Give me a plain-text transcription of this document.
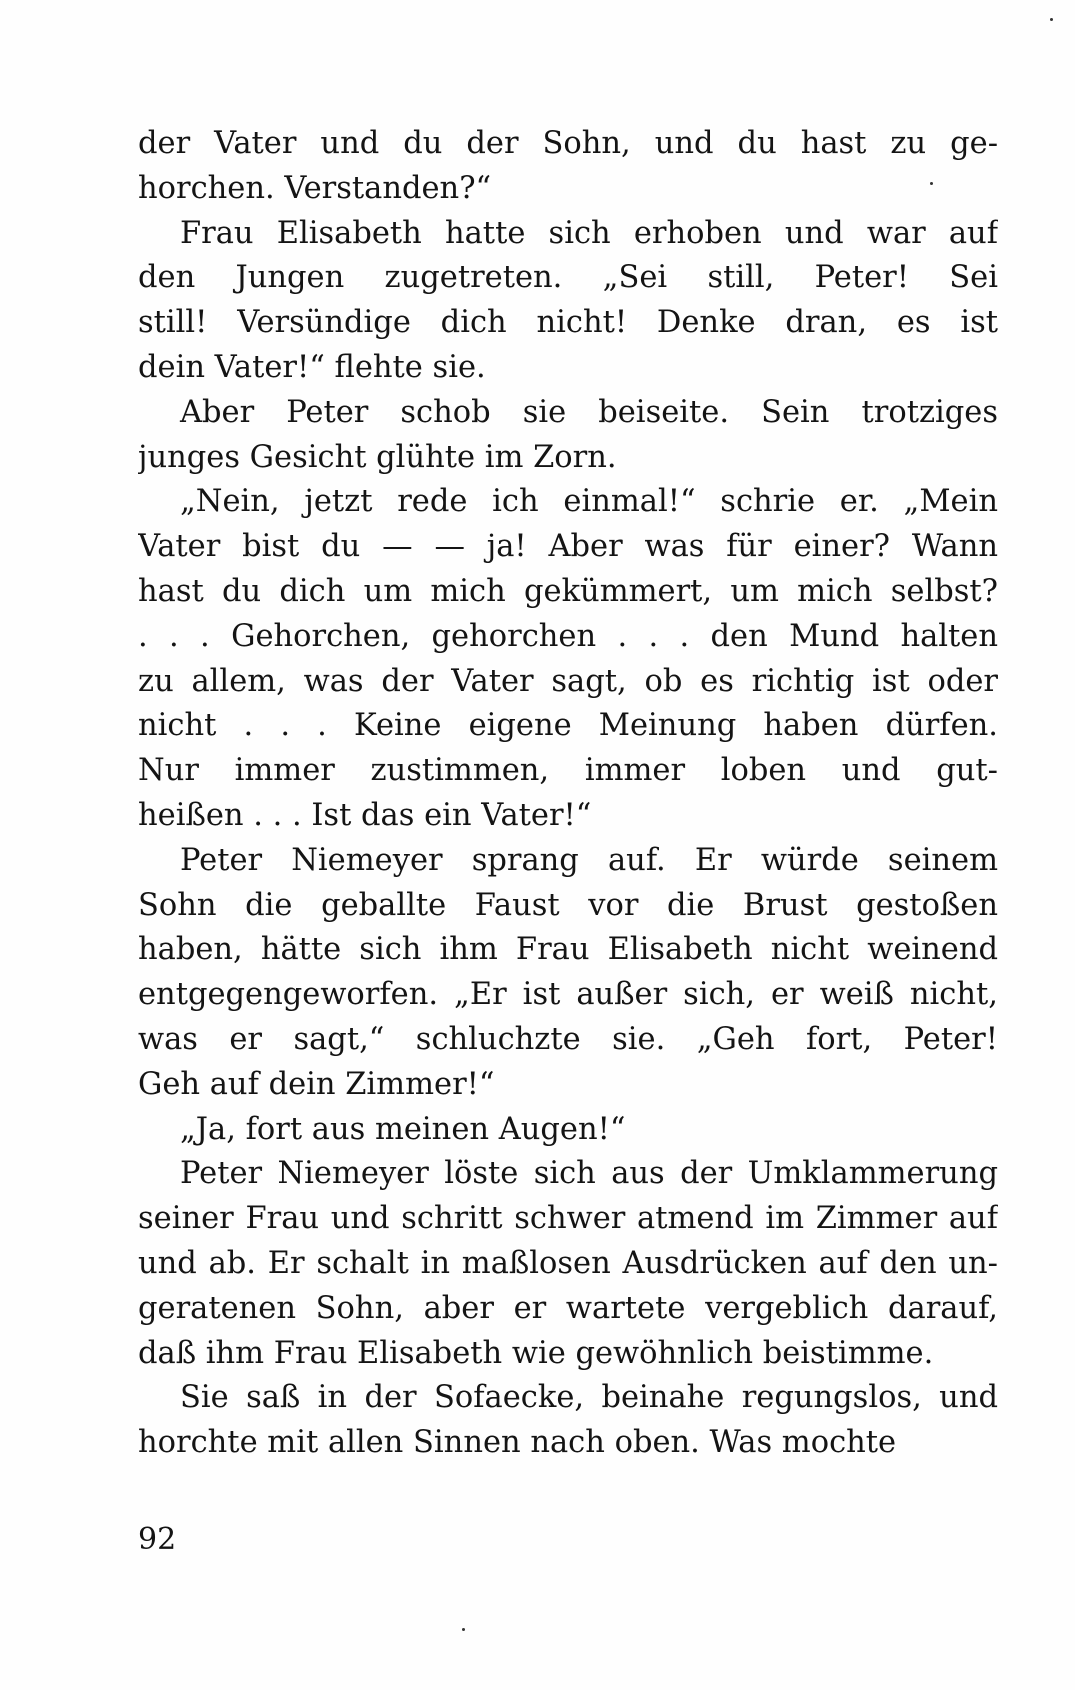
der Vater und du der Sohn, und du hast zu ge-
horchen. Verstanden?“
Frau Elisabeth hatte sich erhoben und war auf
den Jungen zugetreten. „Sei still, Peter! Sei
still! Versündige dich nicht! Denke dran, es ist
dein Vater!“ flehte sie.
Aber Peter schob sie beiseite. Sein trotziges
junges Gesicht glühte im Zorn.
„Nein, jetzt rede ich einmal!“ schrie er. „Mein
Vater bist du — — ja! Aber was für einer? Wann
hast du dich um mich gekümmert, um mich selbst?
. . . Gehorchen, gehorchen . . . den Mund halten
zu allem, was der Vater sagt, ob es richtig ist oder
nicht . . . Keine eigene Meinung haben dürfen.
Nur immer zustimmen, immer loben und gut-
heißen . . . Ist das ein Vater!“
Peter Niemeyer sprang auf. Er würde seinem
Sohn die geballte Faust vor die Brust gestoßen
haben, hätte sich ihm Frau Elisabeth nicht weinend
entgegengeworfen. „Er ist außer sich, er weiß nicht,
was er sagt,“ schluchzte sie. „Geh fort, Peter!
Geh auf dein Zimmer!“
„Ja, fort aus meinen Augen!“
Peter Niemeyer löste sich aus der Umklammerung
seiner Frau und schritt schwer atmend im Zimmer auf
und ab. Er schalt in maßlosen Ausdrücken auf den un-
geratenen Sohn, aber er wartete vergeblich darauf,
daß ihm Frau Elisabeth wie gewöhnlich beistimme.
Sie saß in der Sofaecke, beinahe regungslos, und
horchte mit allen Sinnen nach oben. Was mochte
92
